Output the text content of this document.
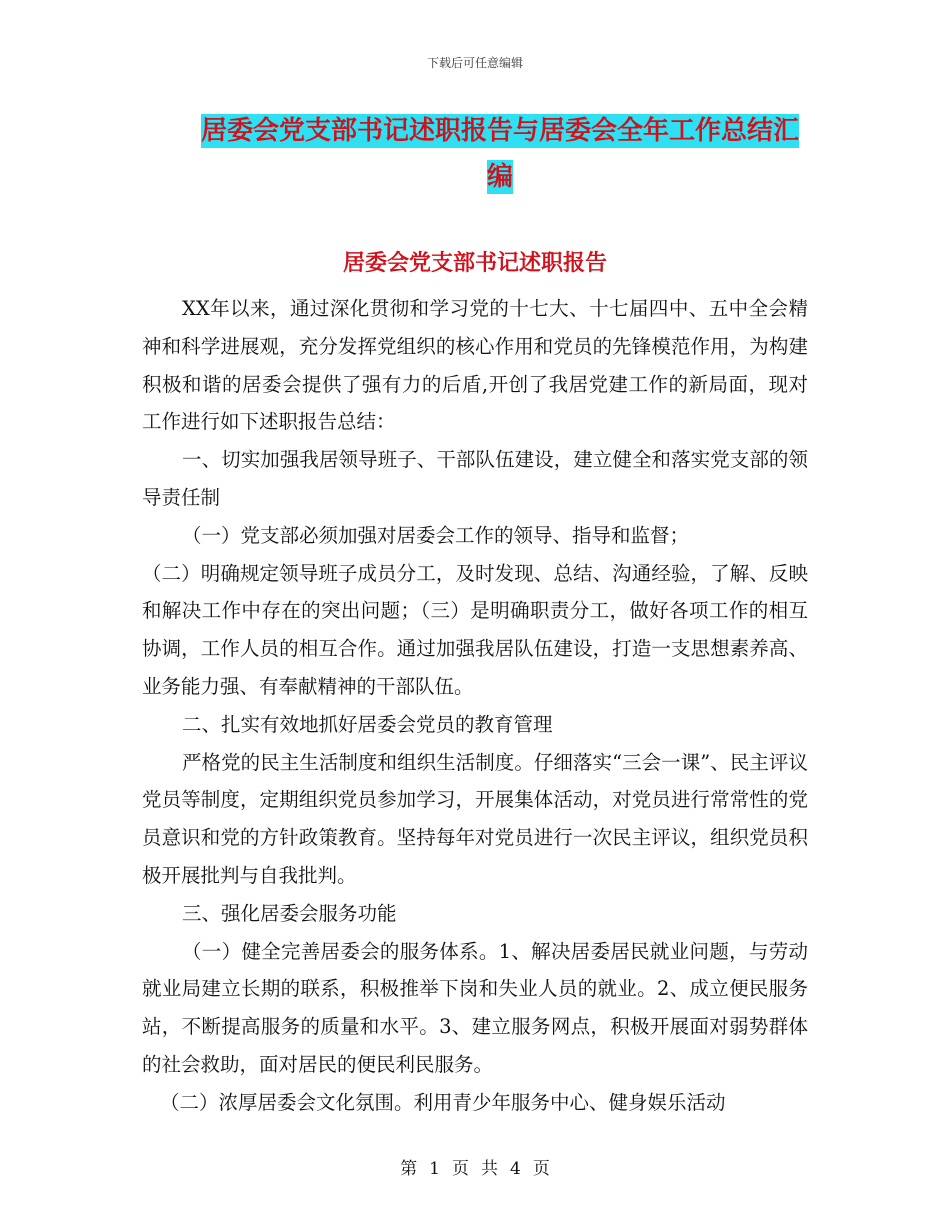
下载后可任意编辑
居委会党支部书记述职报告与居委会全年工作总结汇
编
居委会党支部书记述职报告

XX年以来，通过深化贯彻和学习党的十七大、十七届四中、五中全会精神和科学进展观，充分发挥党组织的核心作用和党员的先锋模范作用，为构建积极和谐的居委会提供了强有力的后盾,开创了我居党建工作的新局面，现对工作进行如下述职报告总结：

一、切实加强我居领导班子、干部队伍建设，建立健全和落实党支部的领导责任制

（一）党支部必须加强对居委会工作的领导、指导和监督；

（二）明确规定领导班子成员分工，及时发现、总结、沟通经验，了解、反映和解决工作中存在的突出问题；（三）是明确职责分工，做好各项工作的相互协调，工作人员的相互合作。通过加强我居队伍建设，打造一支思想素养高、业务能力强、有奉献精神的干部队伍。

二、扎实有效地抓好居委会党员的教育管理

严格党的民主生活制度和组织生活制度。仔细落实“三会一课”、民主评议党员等制度，定期组织党员参加学习，开展集体活动，对党员进行常常性的党员意识和党的方针政策教育。坚持每年对党员进行一次民主评议，组织党员积极开展批判与自我批判。

三、强化居委会服务功能

（一）健全完善居委会的服务体系。1、解决居委居民就业问题，与劳动就业局建立长期的联系，积极推举下岗和失业人员的就业。2、成立便民服务站，不断提高服务的质量和水平。3、建立服务网点，积极开展面对弱势群体的社会救助，面对居民的便民利民服务。

（二）浓厚居委会文化氛围。利用青少年服务中心、健身娱乐活动

第 1 页 共 4 页
